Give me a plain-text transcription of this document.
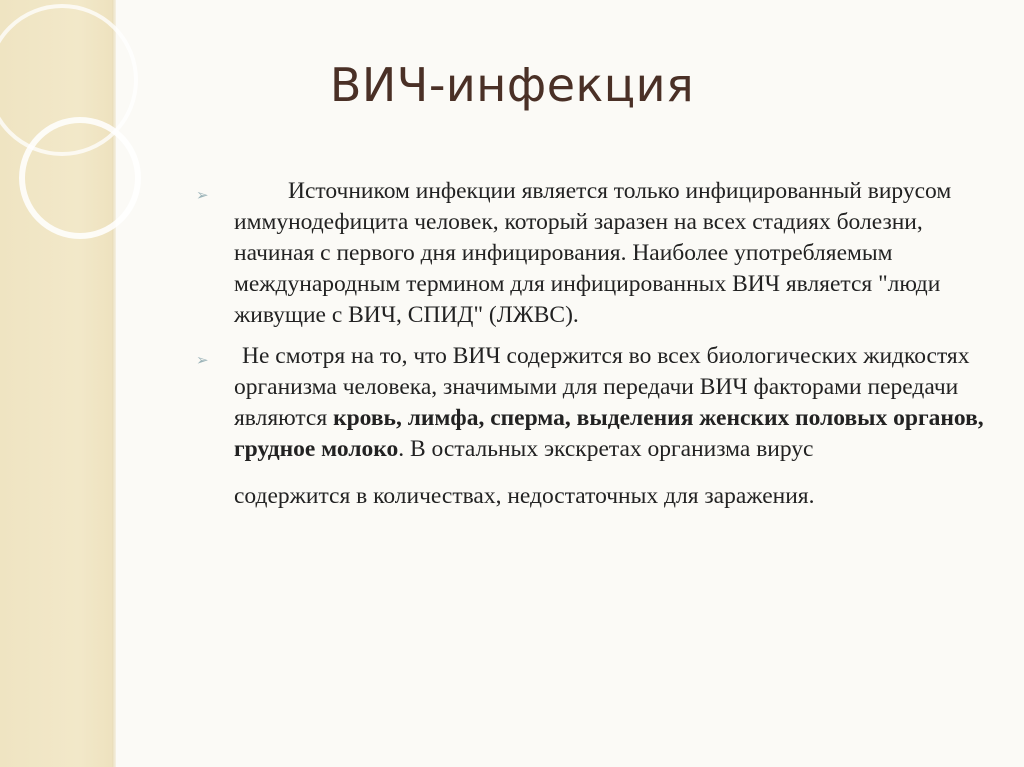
ВИЧ-инфекция
➢	Источником инфекции является только инфицированный вирусом иммунодефицита человек, который заразен на всех стадиях болезни, начиная с первого дня инфицирования. Наиболее употребляемым международным термином для инфицированных ВИЧ является "люди живущие с ВИЧ, СПИД" (ЛЖВС).
➢ Не смотря на то, что ВИЧ содержится во всех биологических жидкостях организма человека, значимыми для передачи ВИЧ факторами передачи являются кровь, лимфа, сперма, выделения женских половых органов, грудное молоко. В остальных экскретах организма вирус
содержится в количествах, недостаточных для заражения.
